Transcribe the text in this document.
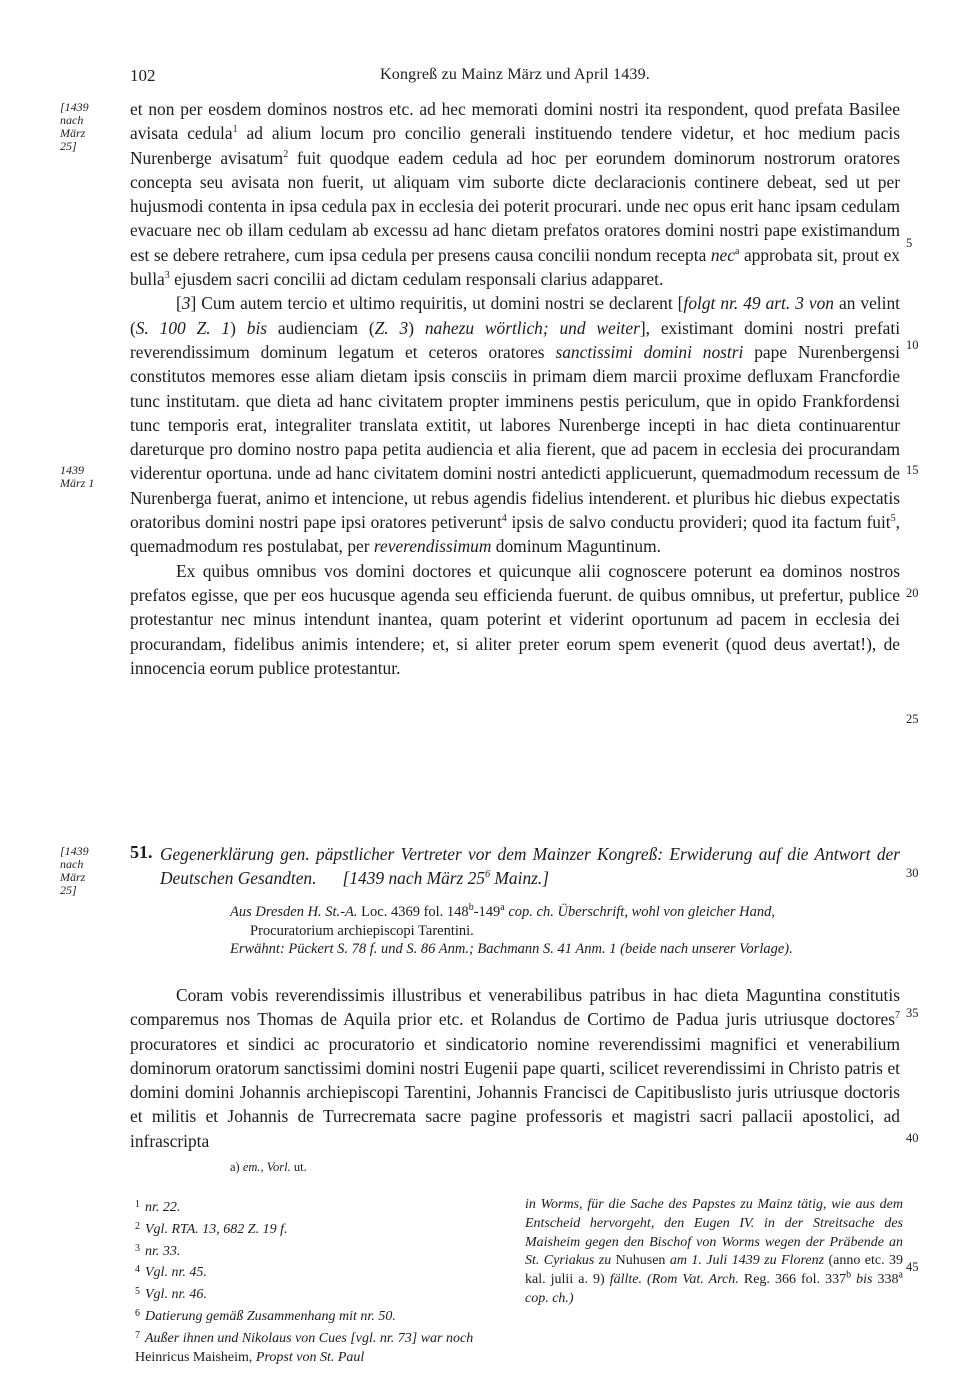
102	Kongreß zu Mainz März und April 1439.
[1439
nach
März
25]
1439
März 1
[1439
nach
März
25]
5
10
15
20
25
30
35
40
45

et non per eosdem dominos nostros etc. ad hec memorati domini nostri ita respondent, quod prefata Basilee avisata cedula$^1$ ad alium locum pro concilio generali instituendo tendere videtur, et hoc medium pacis Nurenberge avisatum$^2$ fuit quodque eadem cedula ad hoc per eorundem dominorum nostrorum oratores concepta seu avisata non fuerit, ut aliquam vim suborte dicte declaracionis continere debeat, sed ut per hujusmodi contenta in ipsa cedula pax in ecclesia dei poterit procurari. unde nec opus erit hanc ipsam cedulam evacuare nec ob illam cedulam ab excessu ad hanc dietam prefatos oratores domini nostri pape existimandum est se debere retrahere, cum ipsa cedula per presens causa concilii nondum recepta nec$^a$ approbata sit, prout ex bulla$^3$ ejusdem sacri concilii ad dictam cedulam responsali clarius adapparet.

[3] Cum autem tercio et ultimo requiritis, ut domini nostri se declarent [folgt nr. 49 art. 3 von an velint (S. 100 Z. 1) bis audienciam (Z. 3) nahezu wörtlich; und weiter], existimant domini nostri prefati reverendissimum dominum legatum et ceteros oratores sanctissimi domini nostri pape Nurenbergensi constitutos memores esse aliam dietam ipsis consciis in primam diem marcii proxime defluxam Francfordie tunc institutam. que dieta ad hanc civitatem propter imminens pestis periculum, que in opido Frankfordensi tunc temporis erat, integraliter translata extitit, ut labores Nurenberge incepti in hac dieta continuarentur dareturque pro domino nostro papa petita audiencia et alia fierent, que ad pacem in ecclesia dei procurandam viderentur oportuna. unde ad hanc civitatem domini nostri antedicti applicuerunt, quemadmodum recessum de Nurenberga fuerat, animo et intencione, ut rebus agendis fidelius intenderent. et pluribus hic diebus expectatis oratoribus domini nostri pape ipsi oratores petiverunt$^4$ ipsis de salvo conductu provideri; quod ita factum fuit$^5$, quemadmodum res postulabat, per reverendissimum dominum Maguntinum.

Ex quibus omnibus vos domini doctores et quicunque alii cognoscere poterunt ea dominos nostros prefatos egisse, que per eos hucusque agenda seu efficienda fuerunt. de quibus omnibus, ut prefertur, publice protestantur nec minus intendunt inantea, quam poterint et viderint oportunum ad pacem in ecclesia dei procurandam, fidelibus animis intendere; et, si aliter preter eorum spem evenerit (quod deus avertat!), de innocencia eorum publice protestantur.

51. Gegenerklärung gen. päpstlicher Vertreter vor dem Mainzer Kongreß: Erwiderung auf die Antwort der Deutschen Gesandten.      [1439 nach März $25^6$ Mainz.]
Aus Dresden H. St.-A. Loc. 4369 fol. 148$^b$-149$^a$ cop. ch. Überschrift, wohl von gleicher Hand,
Procuratorium archiepiscopi Tarentini.
Erwähnt: Pückert S. 78 f. und S. 86 Anm.; Bachmann S. 41 Anm. 1 (beide nach unserer Vorlage).

Coram vobis reverendissimis illustribus et venerabilibus patribus in hac dieta Maguntina constitutis comparemus nos Thomas de Aquila prior etc. et Rolandus de Cortimo de Padua juris utriusque doctores$^7$ procuratores et sindici ac procuratorio et sindicatorio nomine reverendissimi magnifici et venerabilium dominorum oratorum sanctissimi domini nostri Eugenii pape quarti, scilicet reverendissimi in Christo patris et domini domini Johannis archiepiscopi Tarentini, Johannis Francisci de Capitibuslisto juris utriusque doctoris et militis et Johannis de Turrecremata sacre pagine professoris et magistri sacri pallacii apostolici, ad infrascripta

a) em., Vorl. ut.
$^1$ nr. 22.
$^2$ Vgl. RTA. 13, 682 Z. 19 f.
$^3$ nr. 33.
$^4$ Vgl. nr. 45.
$^5$ Vgl. nr. 46.
$^6$ Datierung gemäß Zusammenhang mit nr. 50.
$^7$ Außer ihnen und Nikolaus von Cues [vgl. nr. 73] war noch Heinricus Maisheim, Propst von St. Paul
in Worms, für die Sache des Papstes zu Mainz tätig, wie aus dem Entscheid hervorgeht, den Eugen IV. in der Streitsache des Maisheim gegen den Bischof von Worms wegen der Präbende an St. Cyriakus zu Nuhusen am 1. Juli 1439 zu Florenz (anno etc. 39 kal. julii a. 9) fällte. (Rom Vat. Arch. Reg. 366 fol. 337$^b$ bis 338$^a$ cop. ch.)
